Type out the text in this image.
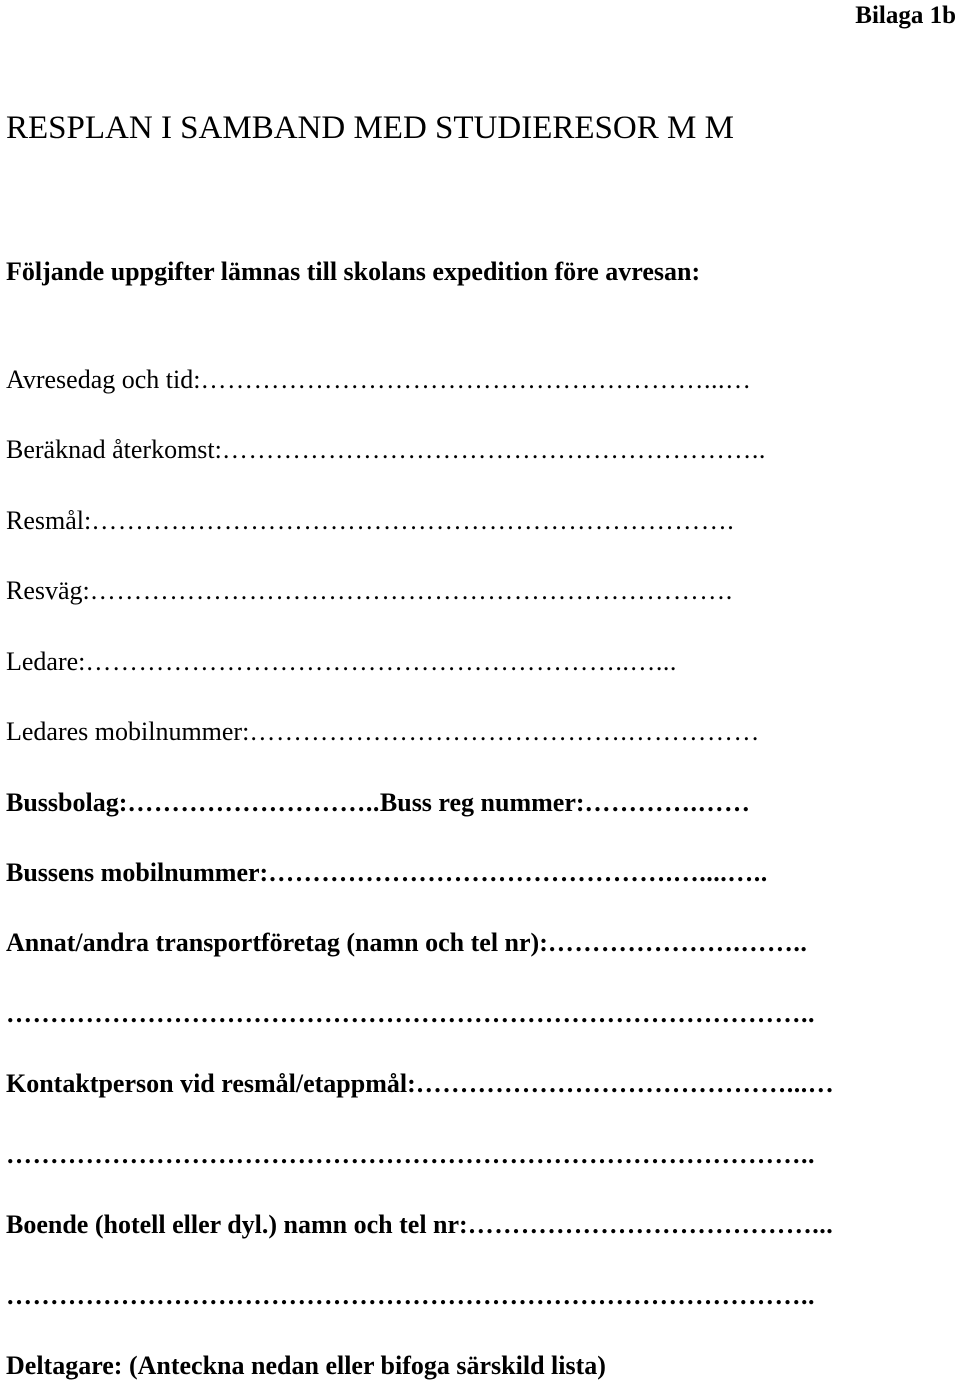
Bilaga 1b
RESPLAN I SAMBAND MED STUDIERESOR M M

Följande uppgifter lämnas till skolans expedition före avresan:

Avresedag och tid:…………………………………………………...…
Beräknad återkomst:……………………………………………………..
Resmål:……………………………………………………………….
Resväg:……………………………………………………………….
Ledare:……………………………………………………..…...
Ledares mobilnummer:…………………………………….……………
Bussbolag:………………………..Buss reg nummer:………….……
Bussens mobilnummer:……………………………………….…....…..
Annat/andra transportföretag (namn och tel nr):………………….……..
………………………………………………………………………………..
Kontaktperson vid resmål/etappmål:……………………………………...…
………………………………………………………………………………..
Boende (hotell eller dyl.) namn och tel nr:…………………………………...
………………………………………………………………………………..
Deltagare: (Anteckna nedan eller bifoga särskild lista)
